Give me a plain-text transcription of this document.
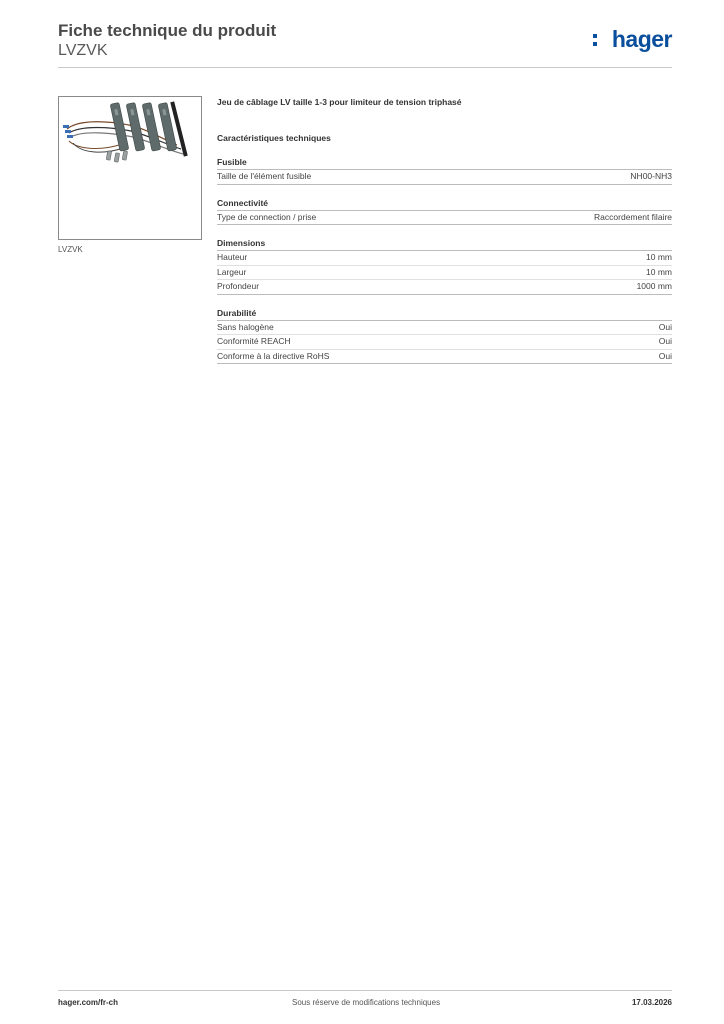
Fiche technique du produit
LVZVK	hager
LVZVK
Jeu de câblage LV taille 1-3 pour limiteur de tension triphasé
Caractéristiques techniques
Fusible
Taille de l'élément fusible	NH00-NH3
Connectivité
Type de connection / prise	Raccordement filaire
Dimensions
Hauteur	10 mm
Largeur	10 mm
Profondeur	1000 mm
Durabilité
Sans halogène	Oui
Conformité REACH	Oui
Conforme à la directive RoHS	Oui
hager.com/fr-ch	Sous réserve de modifications techniques	17.03.2026
